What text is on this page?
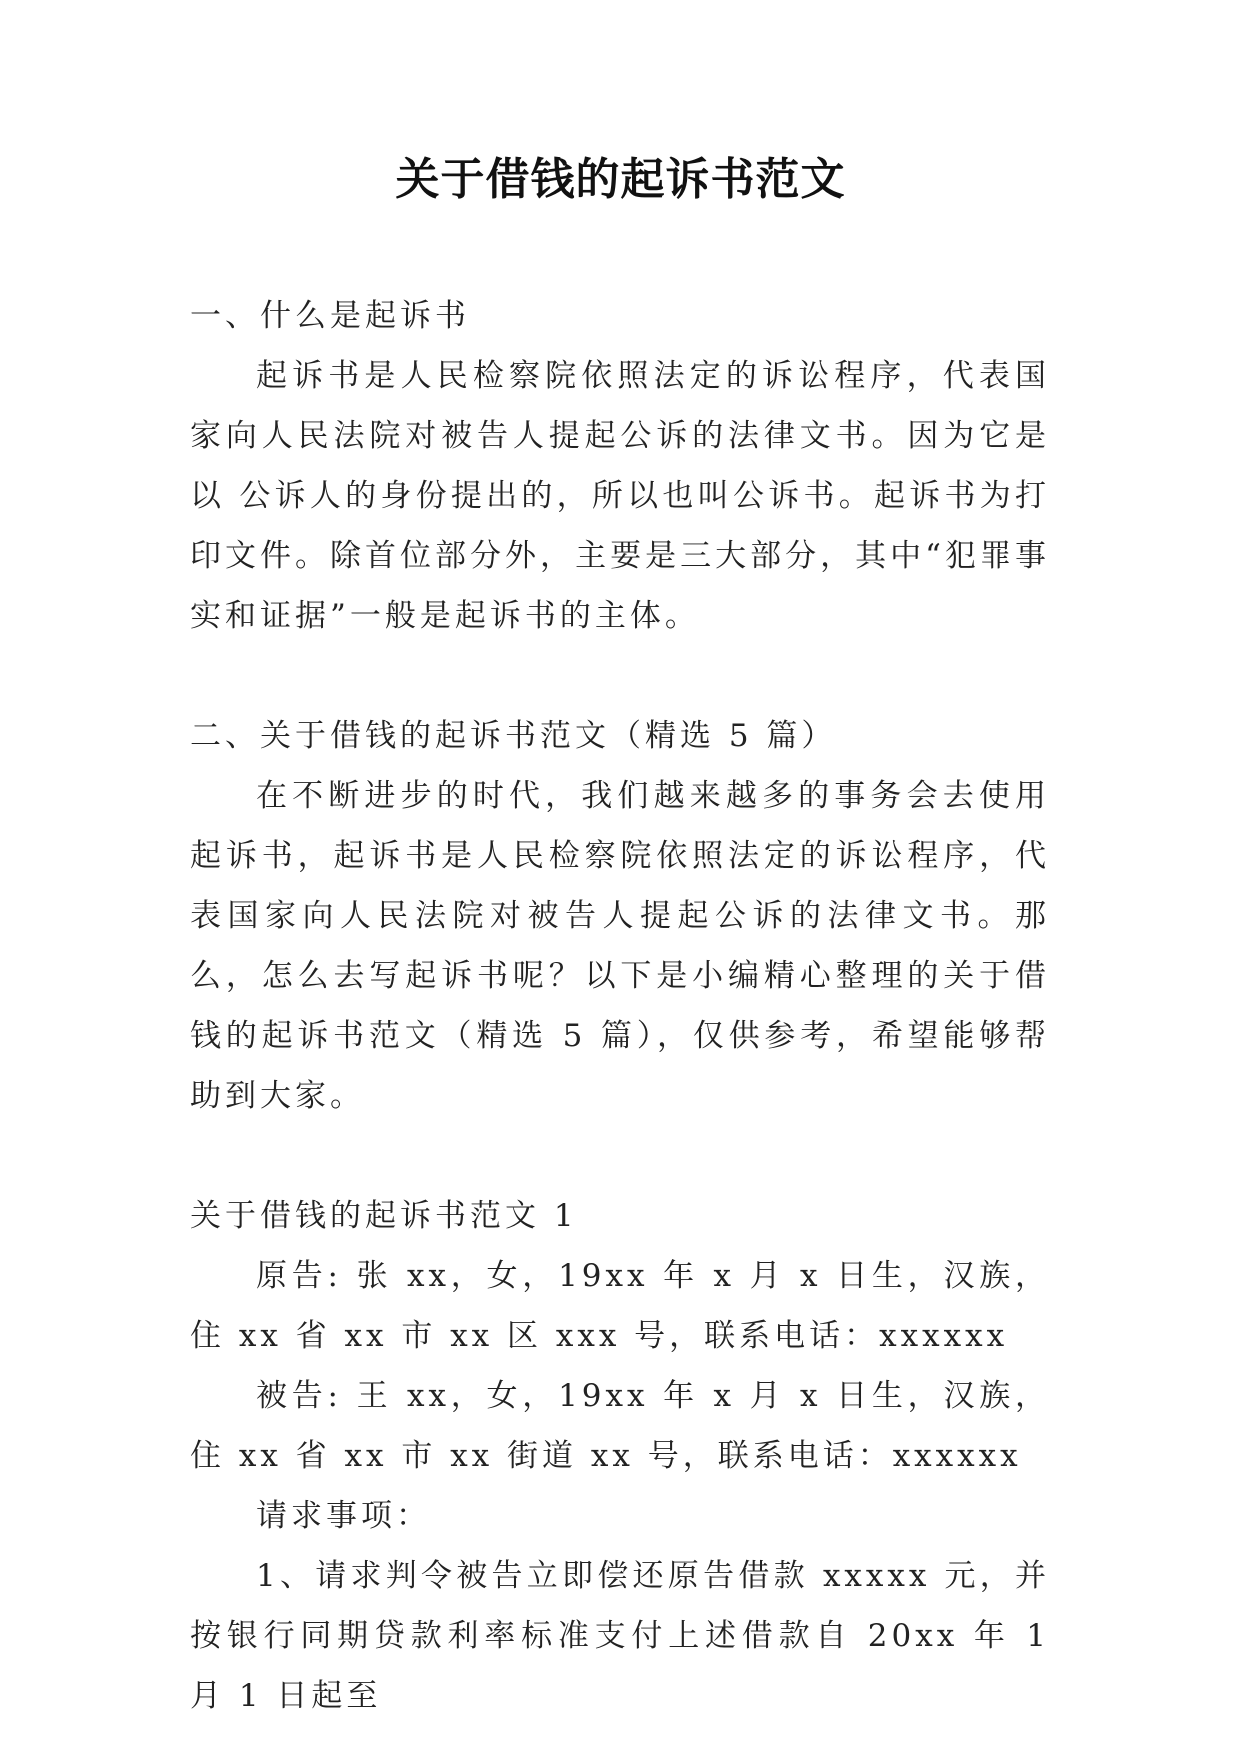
关于借钱的起诉书范文

一、什么是起诉书

起诉书是人民检察院依照法定的诉讼程序，代表国家向人民法院对被告人提起公诉的法律文书。因为它是以 公诉人的身份提出的，所以也叫公诉书。起诉书为打印文件。除首位部分外，主要是三大部分，其中“犯罪事实和证据”一般是起诉书的主体。

二、关于借钱的起诉书范文（精选 5 篇）

在不断进步的时代，我们越来越多的事务会去使用起诉书，起诉书是人民检察院依照法定的诉讼程序，代表国家向人民法院对被告人提起公诉的法律文书。那么，怎么去写起诉书呢？以下是小编精心整理的关于借钱的起诉书范文（精选 5 篇），仅供参考，希望能够帮助到大家。

关于借钱的起诉书范文 1

原告: 张 xx，女，19xx 年 x 月 x 日生，汉族，住 xx 省 xx 市 xx 区 xxx 号，联系电话：xxxxxx

被告: 王 xx，女，19xx 年 x 月 x 日生，汉族，住 xx 省 xx 市 xx 街道 xx 号，联系电话：xxxxxx

请求事项：

1、请求判令被告立即偿还原告借款 xxxxx 元，并按银行同期贷款利率标准支付上述借款自 20xx 年 1 月 1 日起至
